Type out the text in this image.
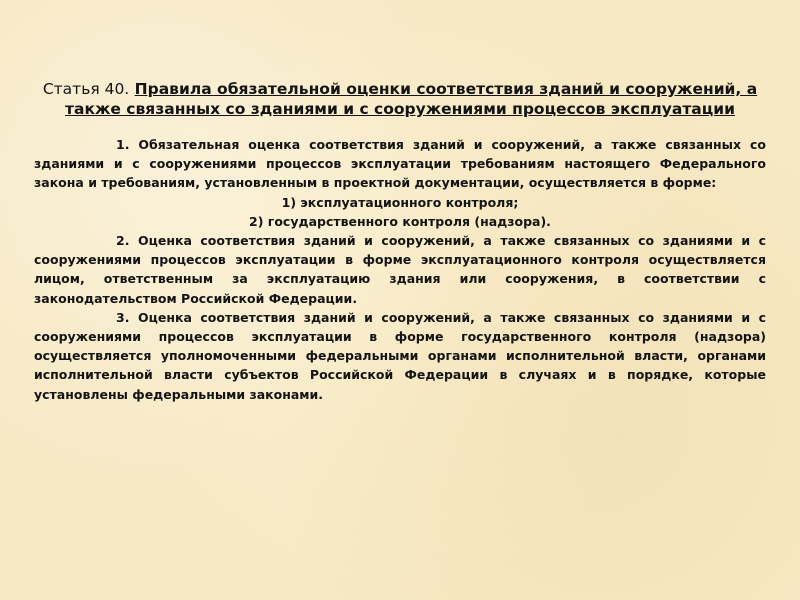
Статья 40. Правила обязательной оценки соответствия зданий и сооружений, а также связанных со зданиями и с сооружениями процессов эксплуатации

1. Обязательная оценка соответствия зданий и сооружений, а также связанных со зданиями и с сооружениями процессов эксплуатации требованиям настоящего Федерального закона и требованиям, установленным в проектной документации, осуществляется в форме:

1) эксплуатационного контроля;

2) государственного контроля (надзора).

2. Оценка соответствия зданий и сооружений, а также связанных со зданиями и с сооружениями процессов эксплуатации в форме эксплуатационного контроля осуществляется лицом, ответственным за эксплуатацию здания или сооружения, в соответствии с законодательством Российской Федерации.

3. Оценка соответствия зданий и сооружений, а также связанных со зданиями и с сооружениями процессов эксплуатации в форме государственного контроля (надзора) осуществляется уполномоченными федеральными органами исполнительной власти, органами исполнительной власти субъектов Российской Федерации в случаях и в порядке, которые установлены федеральными законами.
